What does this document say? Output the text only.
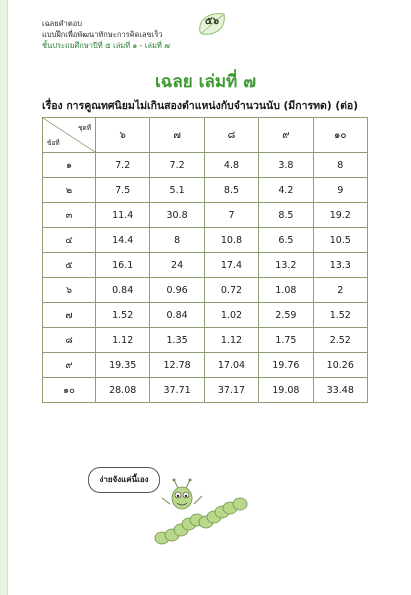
เฉลยคำตอบ
แบบฝึกเพื่อพัฒนาทักษะการคิดเลขเร็ว
ชั้นประถมศึกษาปีที่ ๕ เล่มที่ ๑ - เล่มที่ ๗
๕๖
เฉลย เล่มที่ ๗
เรื่อง การคูณทศนิยมไม่เกินสองตำแหน่งกับจำนวนนับ (มีการทด) (ต่อ)
ชุดที่
ข้อที่	๖	๗	๘	๙	๑๐
๑	7.2	7.2	4.8	3.8	8
๒	7.5	5.1	8.5	4.2	9
๓	11.4	30.8	7	8.5	19.2
๔	14.4	8	10.8	6.5	10.5
๕	16.1	24	17.4	13.2	13.3
๖	0.84	0.96	0.72	1.08	2
๗	1.52	0.84	1.02	2.59	1.52
๘	1.12	1.35	1.12	1.75	2.52
๙	19.35	12.78	17.04	19.76	10.26
๑๐	28.08	37.71	37.17	19.08	33.48
ง่ายจังแค่นี้เอง
